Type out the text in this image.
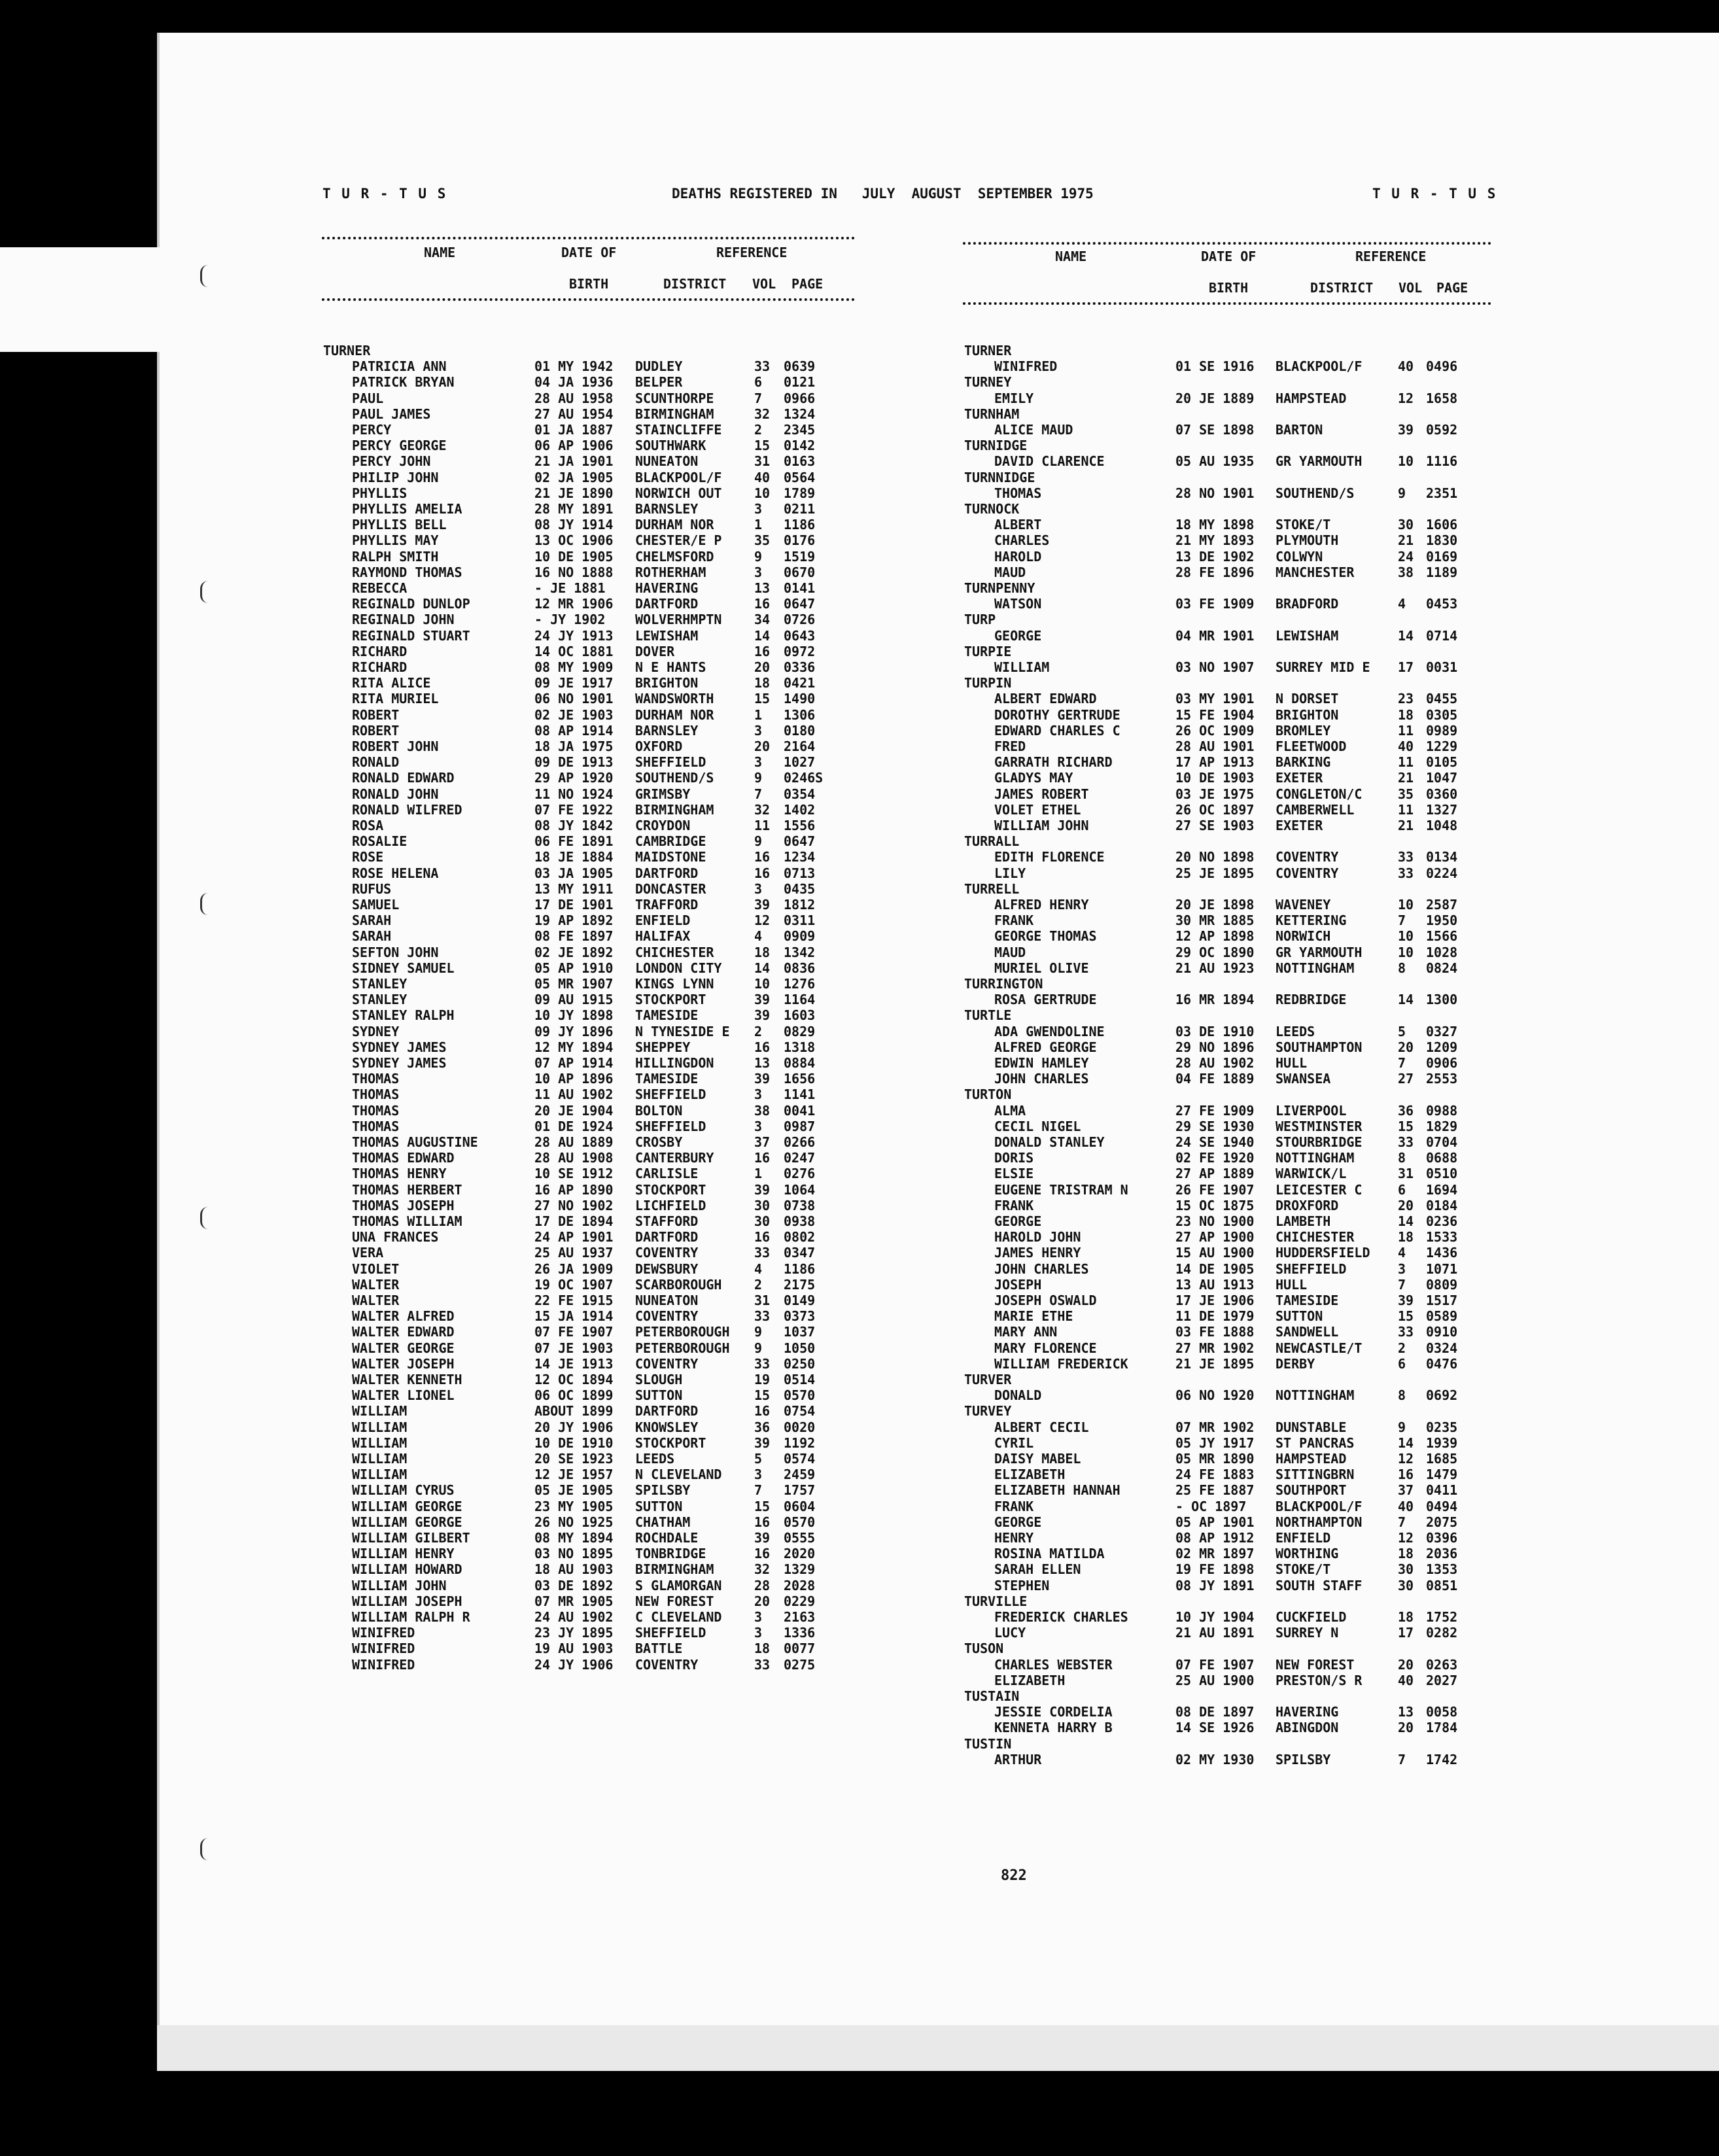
T U R - T U S	DEATHS REGISTERED IN   JULY  AUGUST  SEPTEMBER 1975	T U R - T U S
NAME	DATE OF	REFERENCE
BIRTH	DISTRICT VOL PAGE
NAME	DATE OF	REFERENCE
BIRTH	DISTRICT VOL PAGE
TURNER
PATRICIA ANN	01 MY 1942 DUDLEY	33 0639
PATRICK BRYAN	04 JA 1936 BELPER	6 0121
PAUL	28 AU 1958 SCUNTHORPE	7 0966
PAUL JAMES	27 AU 1954 BIRMINGHAM	32 1324
PERCY	01 JA 1887 STAINCLIFFE 2 2345
PERCY GEORGE	06 AP 1906 SOUTHWARK	15 0142
PERCY JOHN	21 JA 1901 NUNEATON	31 0163
PHILIP JOHN	02 JA 1905 BLACKPOOL/F 40 0564
PHYLLIS	21 JE 1890 NORWICH OUT 10 1789
PHYLLIS AMELIA	28 MY 1891 BARNSLEY	3 0211
PHYLLIS BELL	08 JY 1914 DURHAM NOR	1 1186
PHYLLIS MAY	13 OC 1906 CHESTER/E P 35 0176
RALPH SMITH	10 DE 1905 CHELMSFORD	9 1519
RAYMOND THOMAS	16 NO 1888 ROTHERHAM	3 0670
REBECCA	- JE 1881 HAVERING	13 0141
REGINALD DUNLOP	12 MR 1906 DARTFORD	16 0647
REGINALD JOHN	- JY 1902 WOLVERHMPTN 34 0726
REGINALD STUART	24 JY 1913 LEWISHAM	14 0643
RICHARD	14 OC 1881 DOVER	16 0972
RICHARD	08 MY 1909 N E HANTS	20 0336
RITA ALICE	09 JE 1917 BRIGHTON	18 0421
RITA MURIEL	06 NO 1901 WANDSWORTH	15 1490
ROBERT	02 JE 1903 DURHAM NOR	1 1306
ROBERT	08 AP 1914 BARNSLEY	3 0180
ROBERT JOHN	18 JA 1975 OXFORD	20 2164
RONALD	09 DE 1913 SHEFFIELD	3 1027
RONALD EDWARD	29 AP 1920 SOUTHEND/S	9 0246S
RONALD JOHN	11 NO 1924 GRIMSBY	7 0354
RONALD WILFRED	07 FE 1922 BIRMINGHAM	32 1402
ROSA	08 JY 1842 CROYDON	11 1556
ROSALIE	06 FE 1891 CAMBRIDGE	9 0647
ROSE	18 JE 1884 MAIDSTONE	16 1234
ROSE HELENA	03 JA 1905 DARTFORD	16 0713
RUFUS	13 MY 1911 DONCASTER	3 0435
SAMUEL	17 DE 1901 TRAFFORD	39 1812
SARAH	19 AP 1892 ENFIELD	12 0311
SARAH	08 FE 1897 HALIFAX	4 0909
SEFTON JOHN	02 JE 1892 CHICHESTER	18 1342
SIDNEY SAMUEL	05 AP 1910 LONDON CITY 14 0836
STANLEY	05 MR 1907 KINGS LYNN	10 1276
STANLEY	09 AU 1915 STOCKPORT	39 1164
STANLEY RALPH	10 JY 1898 TAMESIDE	39 1603
SYDNEY	09 JY 1896 N TYNESIDE E 2 0829
SYDNEY JAMES	12 MY 1894 SHEPPEY	16 1318
SYDNEY JAMES	07 AP 1914 HILLINGDON	13 0884
THOMAS	10 AP 1896 TAMESIDE	39 1656
THOMAS	11 AU 1902 SHEFFIELD	3 1141
THOMAS	20 JE 1904 BOLTON	38 0041
THOMAS	01 DE 1924 SHEFFIELD	3 0987
THOMAS AUGUSTINE	28 AU 1889 CROSBY	37 0266
THOMAS EDWARD	28 AU 1908 CANTERBURY	16 0247
THOMAS HENRY	10 SE 1912 CARLISLE	1 0276
THOMAS HERBERT	16 AP 1890 STOCKPORT	39 1064
THOMAS JOSEPH	27 NO 1902 LICHFIELD	30 0738
THOMAS WILLIAM	17 DE 1894 STAFFORD	30 0938
UNA FRANCES	24 AP 1901 DARTFORD	16 0802
VERA	25 AU 1937 COVENTRY	33 0347
VIOLET	26 JA 1909 DEWSBURY	4 1186
WALTER	19 OC 1907 SCARBOROUGH 2 2175
WALTER	22 FE 1915 NUNEATON	31 0149
WALTER ALFRED	15 JA 1914 COVENTRY	33 0373
WALTER EDWARD	07 FE 1907 PETERBOROUGH 9 1037
WALTER GEORGE	07 JE 1903 PETERBOROUGH 9 1050
WALTER JOSEPH	14 JE 1913 COVENTRY	33 0250
WALTER KENNETH	12 OC 1894 SLOUGH	19 0514
WALTER LIONEL	06 OC 1899 SUTTON	15 0570
WILLIAM	ABOUT 1899 DARTFORD	16 0754
WILLIAM	20 JY 1906 KNOWSLEY	36 0020
WILLIAM	10 DE 1910 STOCKPORT	39 1192
WILLIAM	20 SE 1923 LEEDS	5 0574
WILLIAM	12 JE 1957 N CLEVELAND 3 2459
WILLIAM CYRUS	05 JE 1905 SPILSBY	7 1757
WILLIAM GEORGE	23 MY 1905 SUTTON	15 0604
WILLIAM GEORGE	26 NO 1925 CHATHAM	16 0570
WILLIAM GILBERT	08 MY 1894 ROCHDALE	39 0555
WILLIAM HENRY	03 NO 1895 TONBRIDGE	16 2020
WILLIAM HOWARD	18 AU 1903 BIRMINGHAM	32 1329
WILLIAM JOHN	03 DE 1892 S GLAMORGAN 28 2028
WILLIAM JOSEPH	07 MR 1905 NEW FOREST	20 0229
WILLIAM RALPH R	24 AU 1902 C CLEVELAND 3 2163
WINIFRED	23 JY 1895 SHEFFIELD	3 1336
WINIFRED	19 AU 1903 BATTLE	18 0077
WINIFRED	24 JY 1906 COVENTRY	33 0275
TURNER
WINIFRED	01 SE 1916 BLACKPOOL/F	40 0496
TURNEY
EMILY	20 JE 1889 HAMPSTEAD	12 1658
TURNHAM
ALICE MAUD	07 SE 1898 BARTON	39 0592
TURNIDGE
DAVID CLARENCE	05 AU 1935 GR YARMOUTH	10 1116
TURNNIDGE
THOMAS	28 NO 1901 SOUTHEND/S	9 2351
TURNOCK
ALBERT	18 MY 1898 STOKE/T	30 1606
CHARLES	21 MY 1893 PLYMOUTH	21 1830
HAROLD	13 DE 1902 COLWYN	24 0169
MAUD	28 FE 1896 MANCHESTER	38 1189
TURNPENNY
WATSON	03 FE 1909 BRADFORD	4 0453
TURP
GEORGE	04 MR 1901 LEWISHAM	14 0714
TURPIE
WILLIAM	03 NO 1907 SURREY MID E 17 0031
TURPIN
ALBERT EDWARD	03 MY 1901 N DORSET	23 0455
DOROTHY GERTRUDE	15 FE 1904 BRIGHTON	18 0305
EDWARD CHARLES C	26 OC 1909 BROMLEY	11 0989
FRED	28 AU 1901 FLEETWOOD	40 1229
GARRATH RICHARD	17 AP 1913 BARKING	11 0105
GLADYS MAY	10 DE 1903 EXETER	21 1047
JAMES ROBERT	03 JE 1975 CONGLETON/C	35 0360
VOLET ETHEL	26 OC 1897 CAMBERWELL	11 1327
WILLIAM JOHN	27 SE 1903 EXETER	21 1048
TURRALL
EDITH FLORENCE	20 NO 1898 COVENTRY	33 0134
LILY	25 JE 1895 COVENTRY	33 0224
TURRELL
ALFRED HENRY	20 JE 1898 WAVENEY	10 2587
FRANK	30 MR 1885 KETTERING	7 1950
GEORGE THOMAS	12 AP 1898 NORWICH	10 1566
MAUD	29 OC 1890 GR YARMOUTH	10 1028
MURIEL OLIVE	21 AU 1923 NOTTINGHAM	8 0824
TURRINGTON
ROSA GERTRUDE	16 MR 1894 REDBRIDGE	14 1300
TURTLE
ADA GWENDOLINE	03 DE 1910 LEEDS	5 0327
ALFRED GEORGE	29 NO 1896 SOUTHAMPTON	20 1209
EDWIN HAMLEY	28 AU 1902 HULL	7 0906
JOHN CHARLES	04 FE 1889 SWANSEA	27 2553
TURTON
ALMA	27 FE 1909 LIVERPOOL	36 0988
CECIL NIGEL	29 SE 1930 WESTMINSTER	15 1829
DONALD STANLEY	24 SE 1940 STOURBRIDGE	33 0704
DORIS	02 FE 1920 NOTTINGHAM	8 0688
ELSIE	27 AP 1889 WARWICK/L	31 0510
EUGENE TRISTRAM N	26 FE 1907 LEICESTER C	6 1694
FRANK	15 OC 1875 DROXFORD	20 0184
GEORGE	23 NO 1900 LAMBETH	14 0236
HAROLD JOHN	27 AP 1900 CHICHESTER	18 1533
JAMES HENRY	15 AU 1900 HUDDERSFIELD 4 1436
JOHN CHARLES	14 DE 1905 SHEFFIELD	3 1071
JOSEPH	13 AU 1913 HULL	7 0809
JOSEPH OSWALD	17 JE 1906 TAMESIDE	39 1517
MARIE ETHE	11 DE 1979 SUTTON	15 0589
MARY ANN	03 FE 1888 SANDWELL	33 0910
MARY FLORENCE	27 MR 1902 NEWCASTLE/T	2 0324
WILLIAM FREDERICK	21 JE 1895 DERBY	6 0476
TURVER
DONALD	06 NO 1920 NOTTINGHAM	8 0692
TURVEY
ALBERT CECIL	07 MR 1902 DUNSTABLE	9 0235
CYRIL	05 JY 1917 ST PANCRAS	14 1939
DAISY MABEL	05 MR 1890 HAMPSTEAD	12 1685
ELIZABETH	24 FE 1883 SITTINGBRN	16 1479
ELIZABETH HANNAH	25 FE 1887 SOUTHPORT	37 0411
FRANK	- OC 1897 BLACKPOOL/F	40 0494
GEORGE	05 AP 1901 NORTHAMPTON	7 2075
HENRY	08 AP 1912 ENFIELD	12 0396
ROSINA MATILDA	02 MR 1897 WORTHING	18 2036
SARAH ELLEN	19 FE 1898 STOKE/T	30 1353
STEPHEN	08 JY 1891 SOUTH STAFF	30 0851
TURVILLE
FREDERICK CHARLES	10 JY 1904 CUCKFIELD	18 1752
LUCY	21 AU 1891 SURREY N	17 0282
TUSON
CHARLES WEBSTER	07 FE 1907 NEW FOREST	20 0263
ELIZABETH	25 AU 1900 PRESTON/S R	40 2027
TUSTAIN
JESSIE CORDELIA	08 DE 1897 HAVERING	13 0058
KENNETA HARRY B	14 SE 1926 ABINGDON	20 1784
TUSTIN
ARTHUR	02 MY 1930 SPILSBY	7 1742
822
